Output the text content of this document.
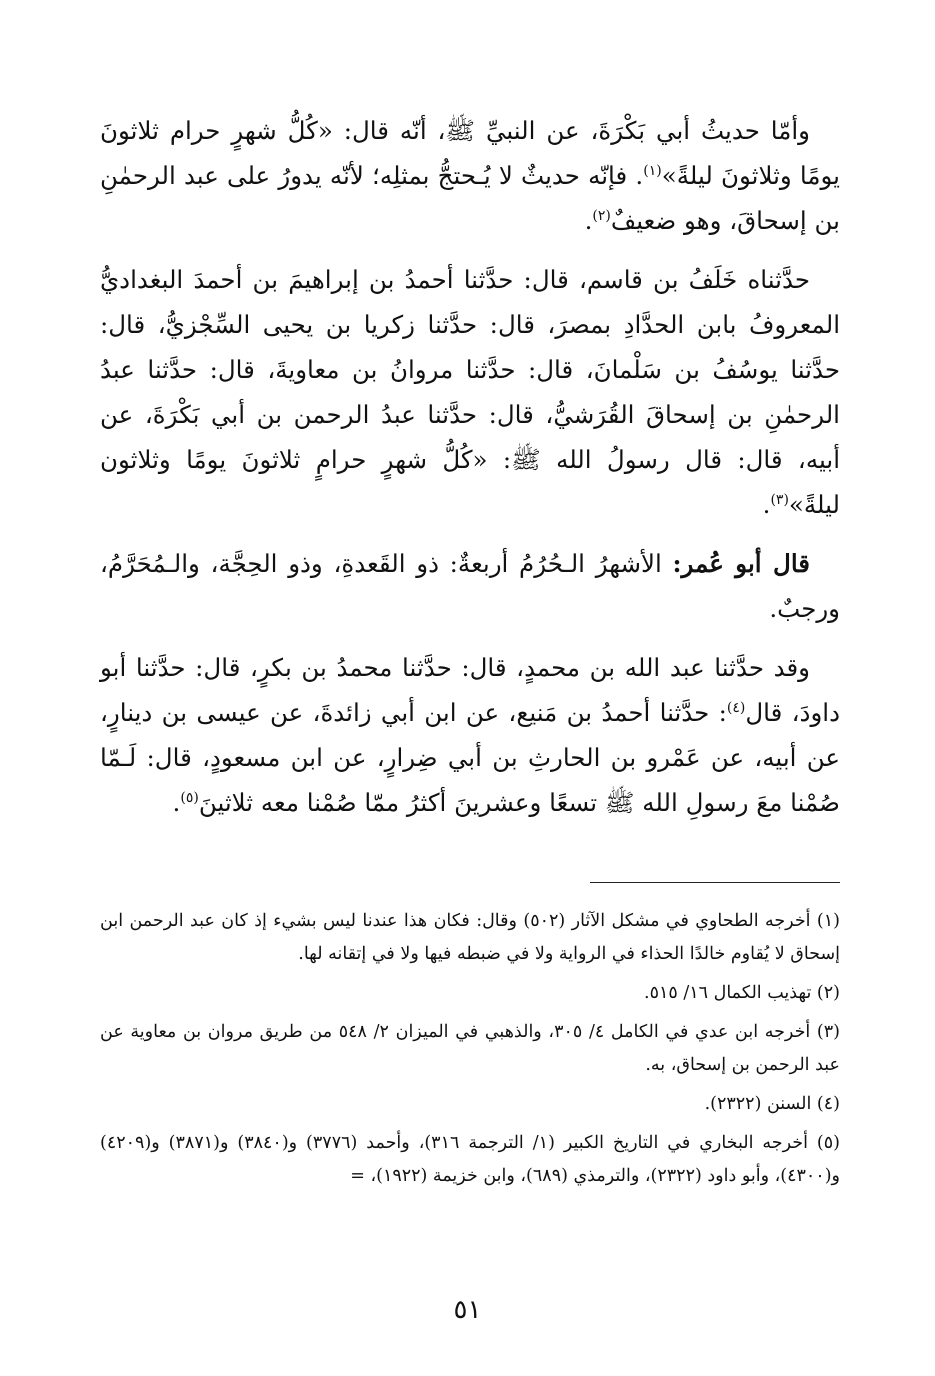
وأمّا حديثُ أبي بَكْرَةَ، عن النبيِّ ﷺ، أنّه قال: «كُلُّ شهرٍ حرام ثلاثونَ يومًا وثلاثونَ ليلةً»$^{(١)}$. فإنّه حديثٌ لا يُـحتجُّ بمثلِه؛ لأنّه يدورُ على عبد الرحمٰنِ بن إسحاقَ، وهو ضعيفٌ$^{(٢)}$.

حدَّثناه خَلَفُ بن قاسم، قال: حدَّثنا أحمدُ بن إبراهيمَ بن أحمدَ البغداديُّ المعروفُ بابن الحدَّادِ بمصرَ، قال: حدَّثنا زكريا بن يحيى السِّجْزيُّ، قال: حدَّثنا يوسُفُ بن سَلْمانَ، قال: حدَّثنا مروانُ بن معاويةَ، قال: حدَّثنا عبدُ الرحمٰنِ بن إسحاقَ القُرَشيُّ، قال: حدَّثنا عبدُ الرحمن بن أبي بَكْرَةَ، عن أبيه، قال: قال رسولُ الله ﷺ: «كُلُّ شهرٍ حرامٍ ثلاثونَ يومًا وثلاثون ليلةً»$^{(٣)}$.

قال أبو عُمر: الأشهرُ الـحُرُمُ أربعةٌ: ذو القَعدةِ، وذو الحِجَّة، والـمُحَرَّمُ، ورجبٌ.

وقد حدَّثنا عبد الله بن محمدٍ، قال: حدَّثنا محمدُ بن بكرٍ، قال: حدَّثنا أبو داودَ، قال$^{(٤)}$: حدَّثنا أحمدُ بن مَنيع، عن ابن أبي زائدةَ، عن عيسى بن دينارٍ، عن أبيه، عن عَمْرو بن الحارثِ بن أبي ضِرارٍ، عن ابن مسعودٍ، قال: لَـمّا صُمْنا معَ رسولِ الله ﷺ تسعًا وعشرينَ أكثرُ ممّا صُمْنا معه ثلاثينَ$^{(٥)}$.

(١) أخرجه الطحاوي في مشكل الآثار (٥٠٢) وقال: فكان هذا عندنا ليس بشيء إذ كان عبد الرحمن ابن إسحاق لا يُقاوم خالدًا الحذاء في الرواية ولا في ضبطه فيها ولا في إتقانه لها.

(٢) تهذيب الكمال ١٦/ ٥١٥.

(٣) أخرجه ابن عدي في الكامل ٤/ ٣٠٥، والذهبي في الميزان ٢/ ٥٤٨ من طريق مروان بن معاوية عن عبد الرحمن بن إسحاق، به.

(٤) السنن (٢٣٢٢).

(٥) أخرجه البخاري في التاريخ الكبير (١/ الترجمة ٣١٦)، وأحمد (٣٧٧٦) و(٣٨٤٠) و(٣٨٧١) و(٤٢٠٩) و(٤٣٠٠)، وأبو داود (٢٣٢٢)، والترمذي (٦٨٩)، وابن خزيمة (١٩٢٢)، =

٥١
